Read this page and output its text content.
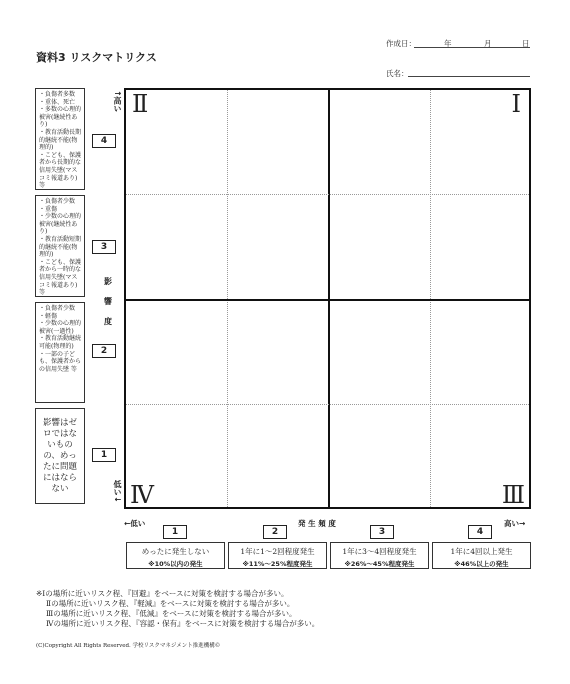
資料3 リスクマトリクス
作成日：	年	月	日
氏名：
・負傷者多数
・重体、死亡
・多数の心理的被害(継続性あり)
・教育活動長期的継続不能(物理的)
・こども、保護者から長期的な信用失墜(マスコミ報道あり) 等
・負傷者少数
・重傷
・少数の心理的被害(継続性あり)
・教育活動短期的継続不能(物理的)
・こども、保護者から一時的な信用失墜(マスコミ報道あり) 等
・負傷者少数
・軽傷
・少数の心理的被害(一過性)
・教育活動継続可能(物理的)
・一部の子ども、保護者からの信用失墜 等
影響はゼロではないものの、めったに問題にはならない
4
3
2
1
↑高い
低い↓
影
響
度
Ⅱ	Ⅰ
Ⅳ	Ⅲ
←低い	発 生 頻 度	高い→
1	2	3	4
めったに発生しない
※10%以内の発生
1年に1〜2回程度発生
※11%〜25%程度発生
1年に3〜4回程度発生
※26%〜45%程度発生
1年に4回以上発生
※46%以上の発生
※Ⅰの場所に近いリスク程、『回避』をベースに対策を検討する場合が多い。
Ⅱの場所に近いリスク程、『軽減』をベースに対策を検討する場合が多い。
Ⅲの場所に近いリスク程、『低減』をベースに対策を検討する場合が多い。
Ⅳの場所に近いリスク程、『容認・保有』をベースに対策を検討する場合が多い。
(C)Copyright All Rights Reserved. 学校リスクマネジメント推進機構©
